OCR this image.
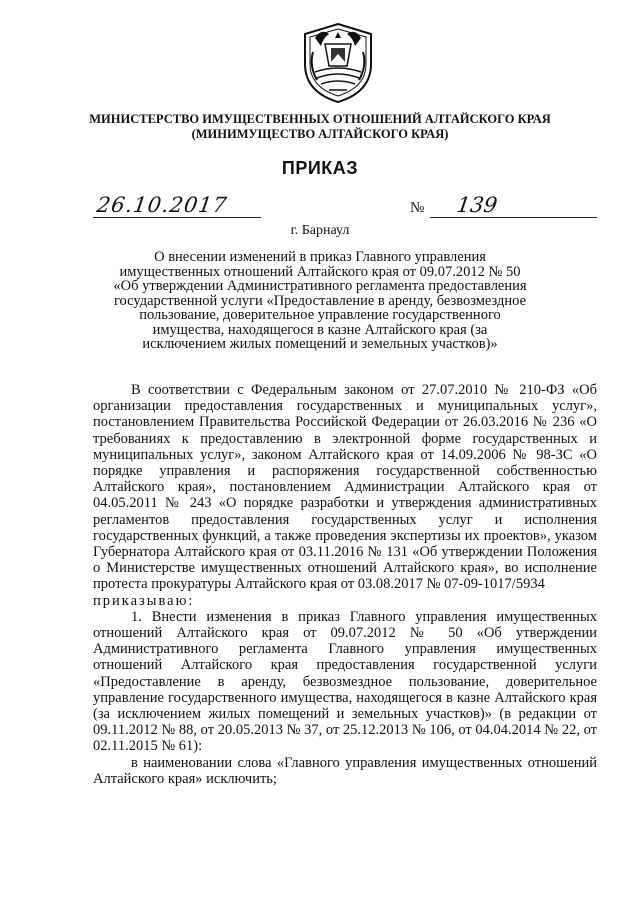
МИНИСТЕРСТВО ИМУЩЕСТВЕННЫХ ОТНОШЕНИЙ АЛТАЙСКОГО КРАЯ
(МИНИМУЩЕСТВО АЛТАЙСКОГО КРАЯ)
ПРИКАЗ
26.10.2017	№ 139
г. Барнаул
О внесении изменений в приказ Главного управления имущественных отношений Алтайского края от 09.07.2012 № 50 «Об утверждении Административного регламента предоставления государственной услуги «Предоставление в аренду, безвозмездное пользование, доверительное управление государственного имущества, находящегося в казне Алтайского края (за исключением жилых помещений и земельных участков)»

В соответствии с Федеральным законом от 27.07.2010 № 210-ФЗ «Об организации предоставления государственных и муниципальных услуг», постановлением Правительства Российской Федерации от 26.03.2016 № 236 «О требованиях к предоставлению в электронной форме государственных и муниципальных услуг», законом Алтайского края от 14.09.2006 № 98-ЗС «О порядке управления и распоряжения государственной собственностью Алтайского края», постановлением Администрации Алтайского края от 04.05.2011 № 243 «О порядке разработки и утверждения административных регламентов предоставления государственных услуг и исполнения государственных функций, а также проведения экспертизы их проектов», указом Губернатора Алтайского края от 03.11.2016 № 131 «Об утверждении Положения о Министерстве имущественных отношений Алтайского края», во исполнение протеста прокуратуры Алтайского края от 03.08.2017 № 07-09-1017/5934

приказываю:

1. Внести изменения в приказ Главного управления имущественных отношений Алтайского края от 09.07.2012 № 50 «Об утверждении Административного регламента Главного управления имущественных отношений Алтайского края предоставления государственной услуги «Предоставление в аренду, безвозмездное пользование, доверительное управление государственного имущества, находящегося в казне Алтайского края (за исключением жилых помещений и земельных участков)» (в редакции от 09.11.2012 № 88, от 20.05.2013 № 37, от 25.12.2013 № 106, от 04.04.2014 № 22, от 02.11.2015 № 61):

в наименовании слова «Главного управления имущественных отношений Алтайского края» исключить;
